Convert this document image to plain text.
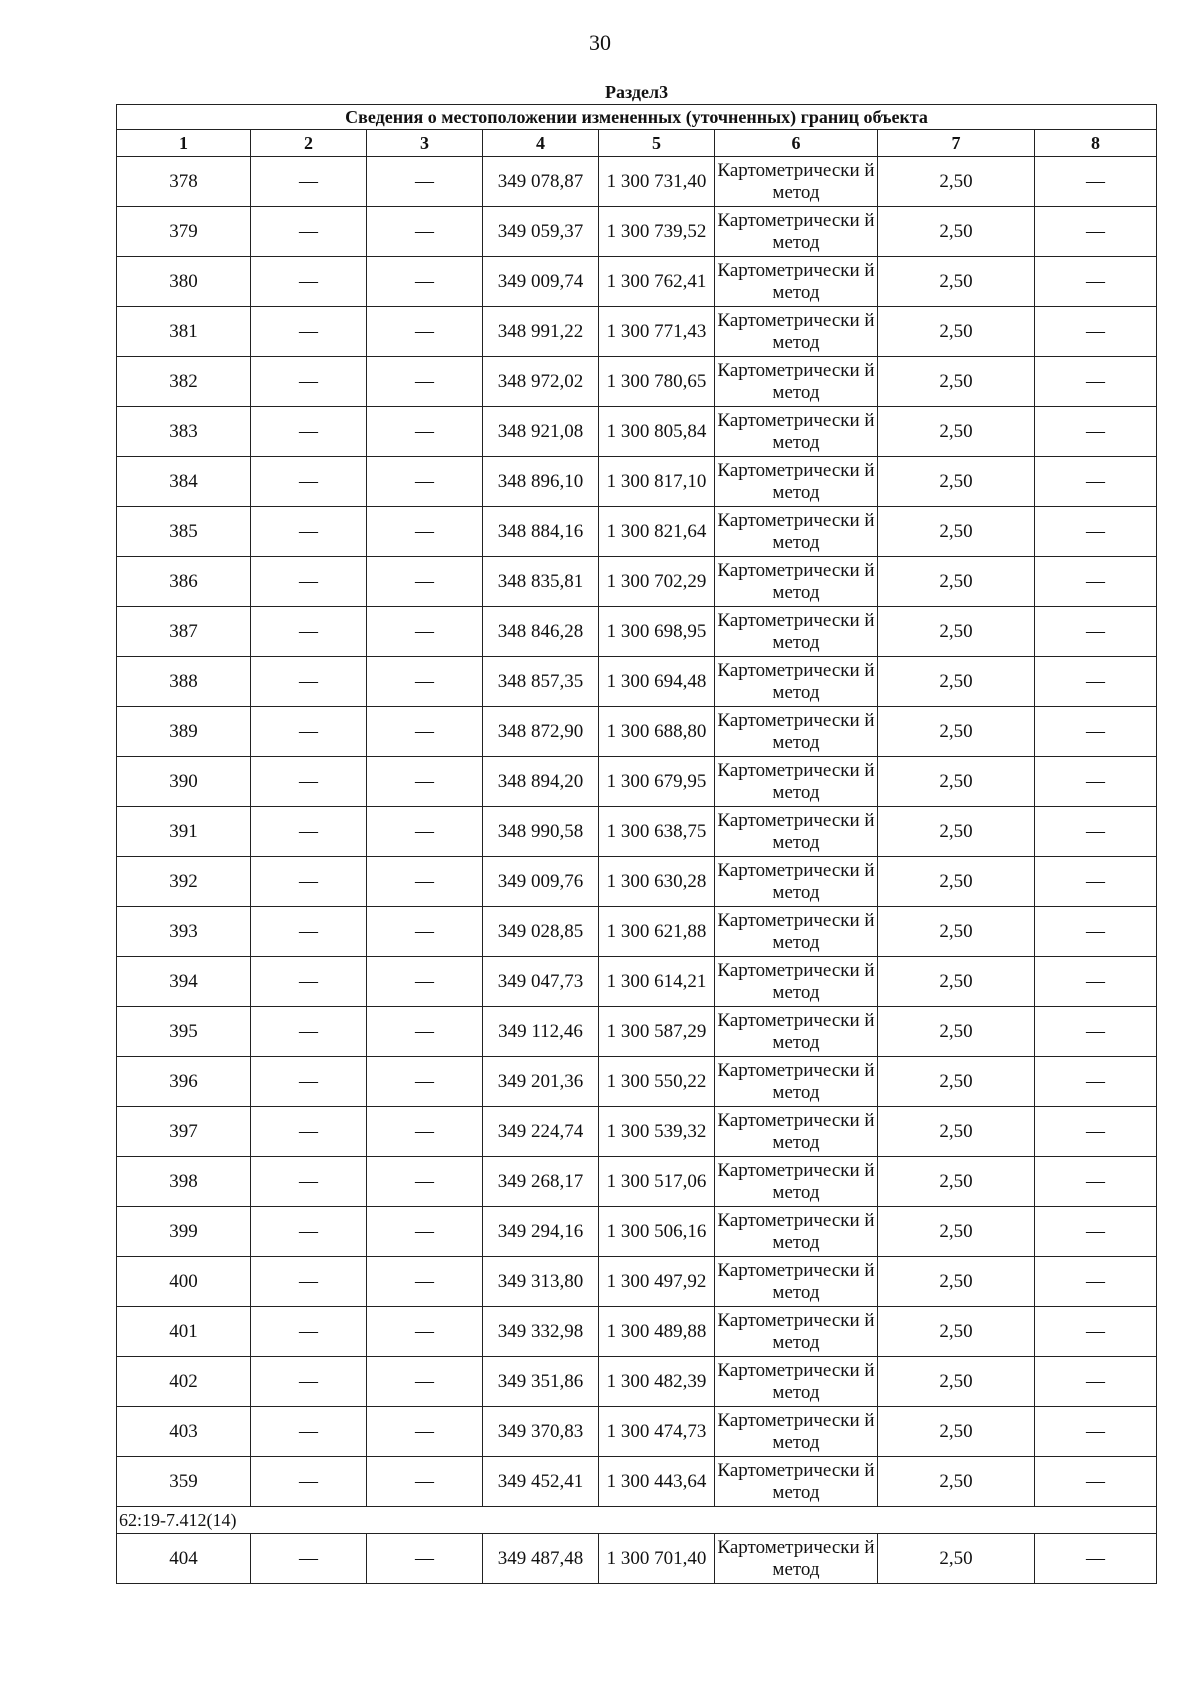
30
Раздел3							
Сведения о местоположении измененных (уточненных) границ объекта							
1	2	3	4	5	6	7	8
378	—	—	349 078,87	1 300 731,40	Картометрически й метод	2,50	—
379	—	—	349 059,37	1 300 739,52	Картометрически й метод	2,50	—
380	—	—	349 009,74	1 300 762,41	Картометрически й метод	2,50	—
381	—	—	348 991,22	1 300 771,43	Картометрически й метод	2,50	—
382	—	—	348 972,02	1 300 780,65	Картометрически й метод	2,50	—
383	—	—	348 921,08	1 300 805,84	Картометрически й метод	2,50	—
384	—	—	348 896,10	1 300 817,10	Картометрически й метод	2,50	—
385	—	—	348 884,16	1 300 821,64	Картометрически й метод	2,50	—
386	—	—	348 835,81	1 300 702,29	Картометрически й метод	2,50	—
387	—	—	348 846,28	1 300 698,95	Картометрически й метод	2,50	—
388	—	—	348 857,35	1 300 694,48	Картометрически й метод	2,50	—
389	—	—	348 872,90	1 300 688,80	Картометрически й метод	2,50	—
390	—	—	348 894,20	1 300 679,95	Картометрически й метод	2,50	—
391	—	—	348 990,58	1 300 638,75	Картометрически й метод	2,50	—
392	—	—	349 009,76	1 300 630,28	Картометрически й метод	2,50	—
393	—	—	349 028,85	1 300 621,88	Картометрически й метод	2,50	—
394	—	—	349 047,73	1 300 614,21	Картометрически й метод	2,50	—
395	—	—	349 112,46	1 300 587,29	Картометрически й метод	2,50	—
396	—	—	349 201,36	1 300 550,22	Картометрически й метод	2,50	—
397	—	—	349 224,74	1 300 539,32	Картометрически й метод	2,50	—
398	—	—	349 268,17	1 300 517,06	Картометрически й метод	2,50	—
399	—	—	349 294,16	1 300 506,16	Картометрически й метод	2,50	—
400	—	—	349 313,80	1 300 497,92	Картометрически й метод	2,50	—
401	—	—	349 332,98	1 300 489,88	Картометрически й метод	2,50	—
402	—	—	349 351,86	1 300 482,39	Картометрически й метод	2,50	—
403	—	—	349 370,83	1 300 474,73	Картометрически й метод	2,50	—
359	—	—	349 452,41	1 300 443,64	Картометрически й метод	2,50	—
62:19-7.412(14)							
404	—	—	349 487,48	1 300 701,40	Картометрически й метод	2,50	—
